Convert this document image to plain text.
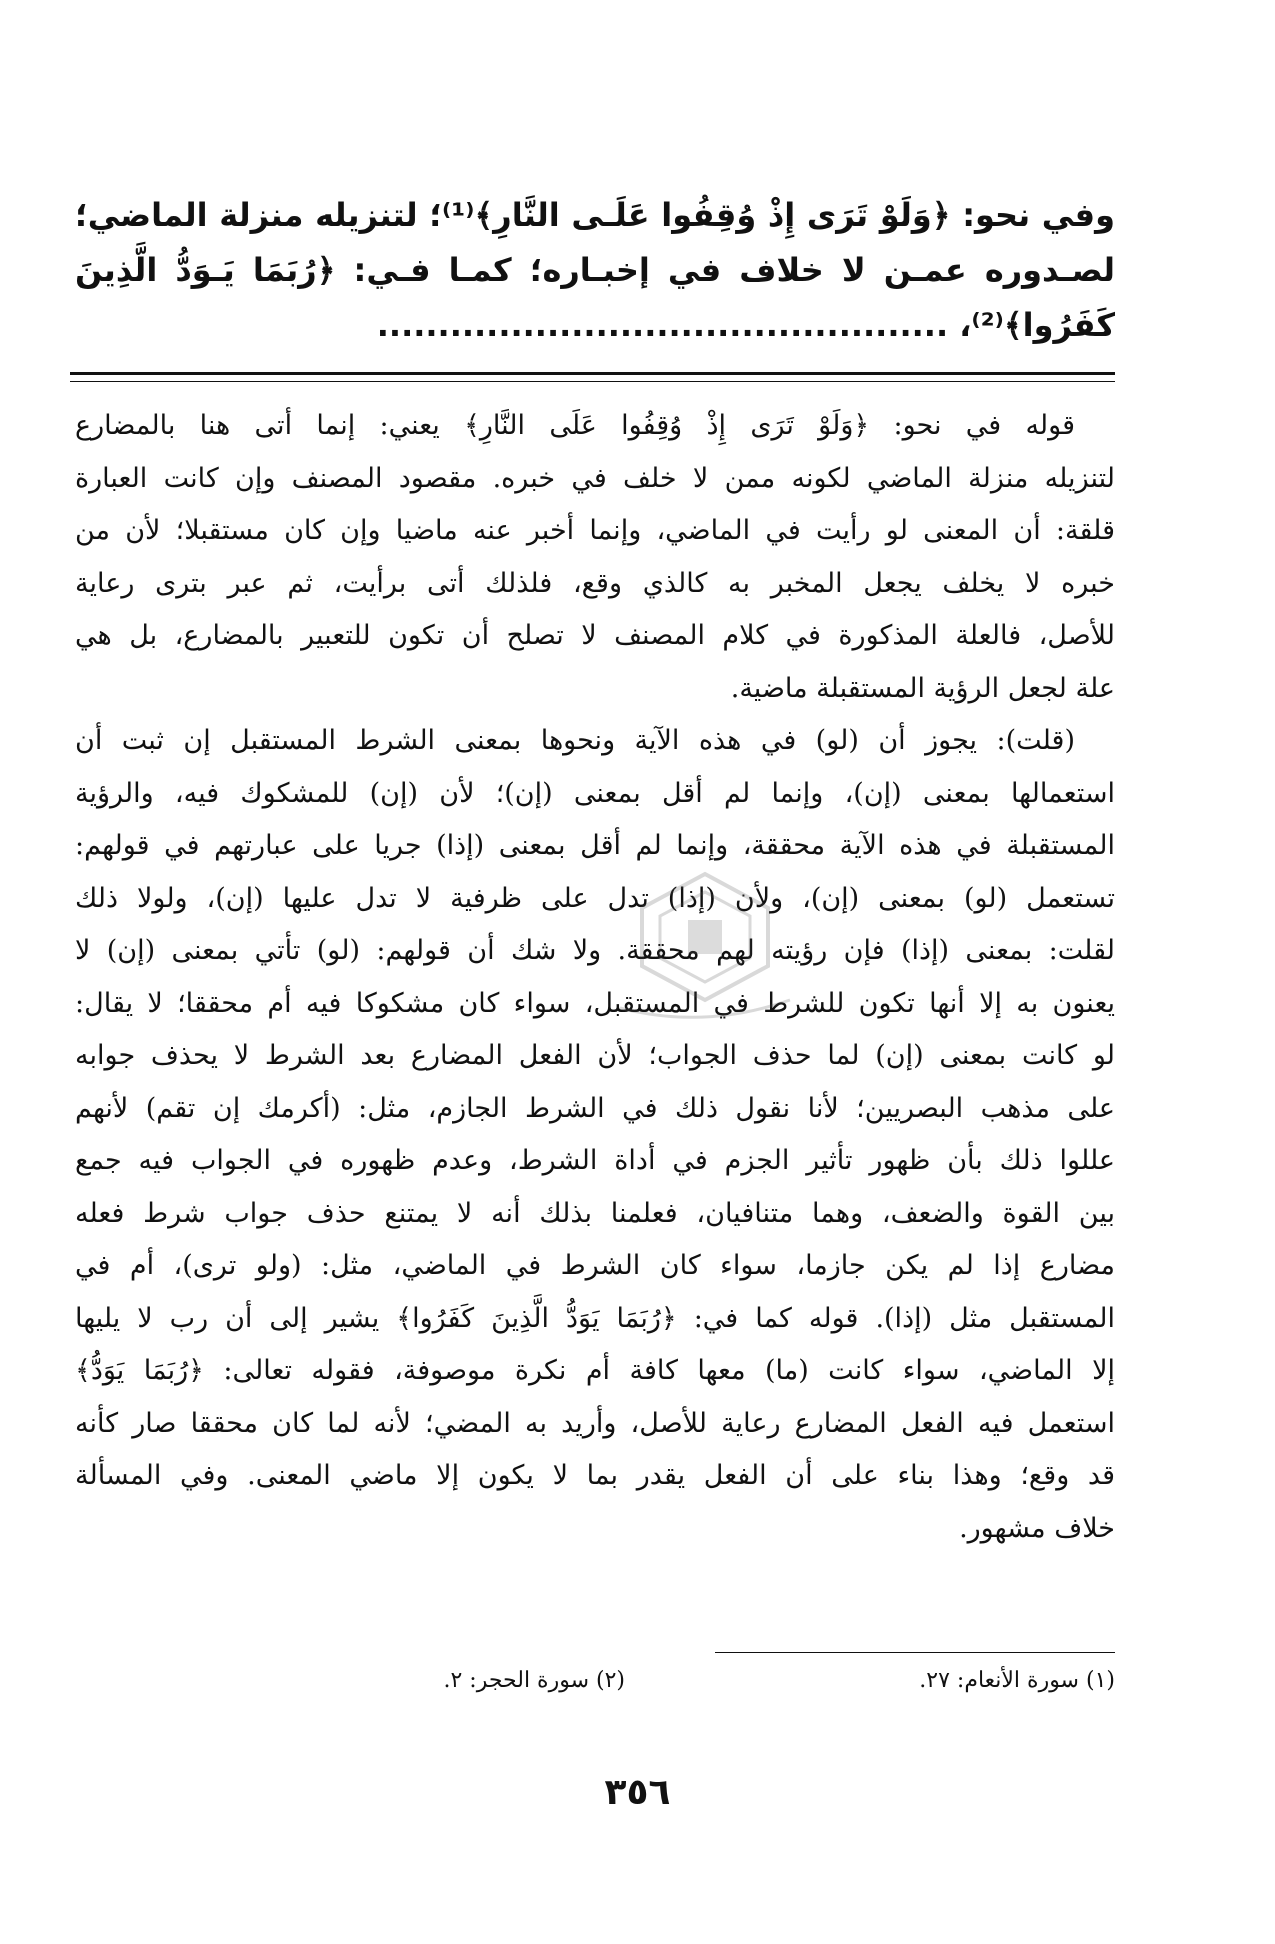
وفي نحو: ﴿وَلَوْ تَرَى إِذْ وُقِفُوا عَلَـى النَّارِ﴾⁽¹⁾؛ لتنزيله منزلة الماضي؛
لصـدوره عمـن لا خلاف في إخبـاره؛ كمـا فـي: ﴿رُبَمَا يَـوَدُّ الَّذِينَ
كَفَرُوا﴾⁽²⁾، ...............................................
قوله في نحو: ﴿وَلَوْ تَرَى إِذْ وُقِفُوا عَلَى النَّارِ﴾ يعني: إنما أتى هنا بالمضارع
لتنزيله منزلة الماضي لكونه ممن لا خلف في خبره. مقصود المصنف وإن كانت العبارة
قلقة: أن المعنى لو رأيت في الماضي، وإنما أخبر عنه ماضيا وإن كان مستقبلا؛ لأن من
خبره لا يخلف يجعل المخبر به كالذي وقع، فلذلك أتى برأيت، ثم عبر بترى رعاية
للأصل، فالعلة المذكورة في كلام المصنف لا تصلح أن تكون للتعبير بالمضارع، بل هي
علة لجعل الرؤية المستقبلة ماضية.
(قلت): يجوز أن (لو) في هذه الآية ونحوها بمعنى الشرط المستقبل إن ثبت أن
استعمالها بمعنى (إن)، وإنما لم أقل بمعنى (إن)؛ لأن (إن) للمشكوك فيه، والرؤية
المستقبلة في هذه الآية محققة، وإنما لم أقل بمعنى (إذا) جريا على عبارتهم في قولهم:
تستعمل (لو) بمعنى (إن)، ولأن (إذا) تدل على ظرفية لا تدل عليها (إن)، ولولا ذلك
لقلت: بمعنى (إذا) فإن رؤيته لهم محققة. ولا شك أن قولهم: (لو) تأتي بمعنى (إن) لا
يعنون به إلا أنها تكون للشرط في المستقبل، سواء كان مشكوكا فيه أم محققا؛ لا يقال:
لو كانت بمعنى (إن) لما حذف الجواب؛ لأن الفعل المضارع بعد الشرط لا يحذف جوابه
على مذهب البصريين؛ لأنا نقول ذلك في الشرط الجازم، مثل: (أكرمك إن تقم) لأنهم
عللوا ذلك بأن ظهور تأثير الجزم في أداة الشرط، وعدم ظهوره في الجواب فيه جمع
بين القوة والضعف، وهما متنافيان، فعلمنا بذلك أنه لا يمتنع حذف جواب شرط فعله
مضارع إذا لم يكن جازما، سواء كان الشرط في الماضي، مثل: (ولو ترى)، أم في
المستقبل مثل (إذا). قوله كما في: ﴿رُبَمَا يَوَدُّ الَّذِينَ كَفَرُوا﴾ يشير إلى أن رب لا يليها
إلا الماضي، سواء كانت (ما) معها كافة أم نكرة موصوفة، فقوله تعالى: ﴿رُبَمَا يَوَدُّ﴾
استعمل فيه الفعل المضارع رعاية للأصل، وأريد به المضي؛ لأنه لما كان محققا صار كأنه
قد وقع؛ وهذا بناء على أن الفعل يقدر بما لا يكون إلا ماضي المعنى. وفي المسألة
خلاف مشهور.
(١) سورة الأنعام: ٢٧.
(٢) سورة الحجر: ٢.
٣٥٦
